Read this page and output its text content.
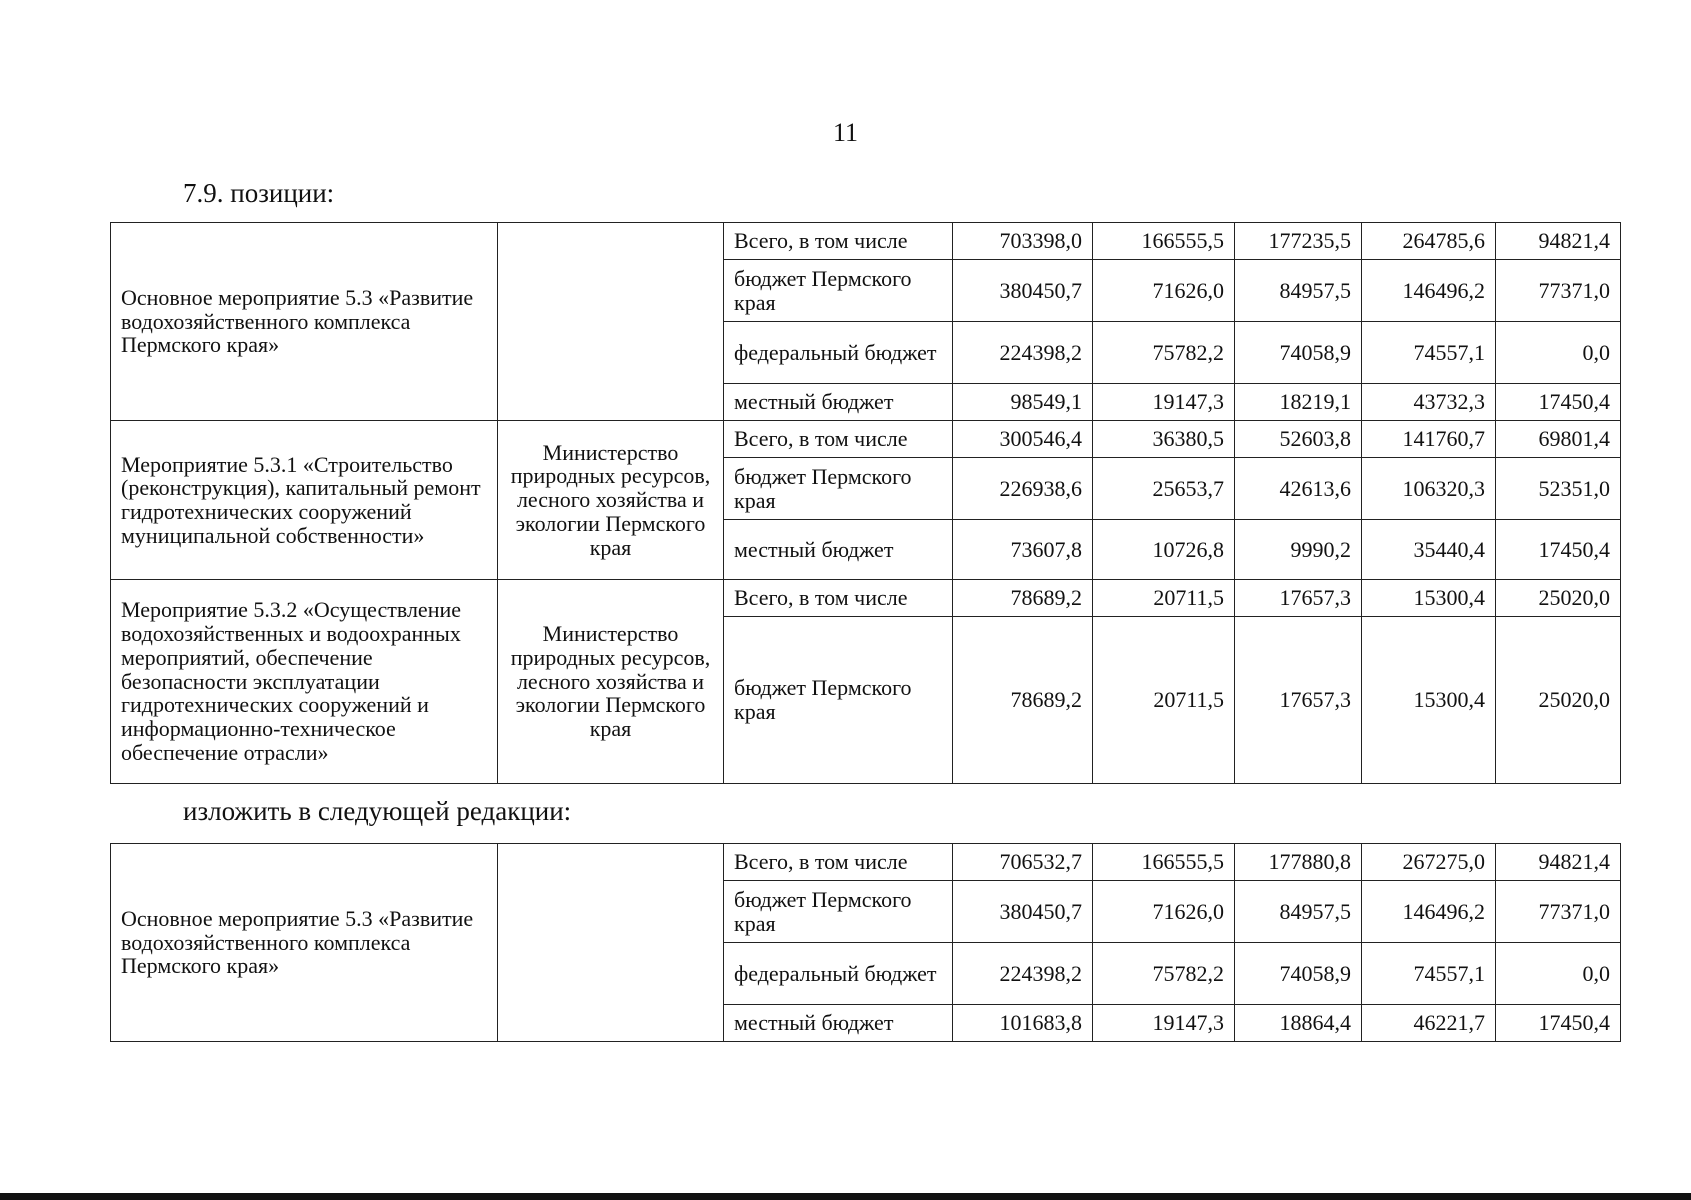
11
7.9. позиции:
Основное мероприятие 5.3 «Развитие водохозяйственного комплекса Пермского края»		Всего, в том числе	703398,0	166555,5	177235,5	264785,6	94821,4
		бюджет Пермского края	380450,7	71626,0	84957,5	146496,2	77371,0
		федеральный бюджет	224398,2	75782,2	74058,9	74557,1	0,0
		местный бюджет	98549,1	19147,3	18219,1	43732,3	17450,4
Мероприятие 5.3.1 «Строительство (реконструкция), капитальный ремонт гидротехнических сооружений муниципальной собственности»	Министерство природных ресурсов, лесного хозяйства и экологии Пермского края	Всего, в том числе	300546,4	36380,5	52603,8	141760,7	69801,4
		бюджет Пермского края	226938,6	25653,7	42613,6	106320,3	52351,0
		местный бюджет	73607,8	10726,8	9990,2	35440,4	17450,4
Мероприятие 5.3.2 «Осуществление водохозяйственных и водоохранных мероприятий, обеспечение безопасности эксплуатации гидротехнических сооружений и информационно-техническое обеспечение отрасли»	Министерство природных ресурсов, лесного хозяйства и экологии Пермского края	Всего, в том числе	78689,2	20711,5	17657,3	15300,4	25020,0
		бюджет Пермского края	78689,2	20711,5	17657,3	15300,4	25020,0
изложить в следующей редакции:
Основное мероприятие 5.3 «Развитие водохозяйственного комплекса Пермского края»		Всего, в том числе	706532,7	166555,5	177880,8	267275,0	94821,4
		бюджет Пермского края	380450,7	71626,0	84957,5	146496,2	77371,0
		федеральный бюджет	224398,2	75782,2	74058,9	74557,1	0,0
		местный бюджет	101683,8	19147,3	18864,4	46221,7	17450,4
